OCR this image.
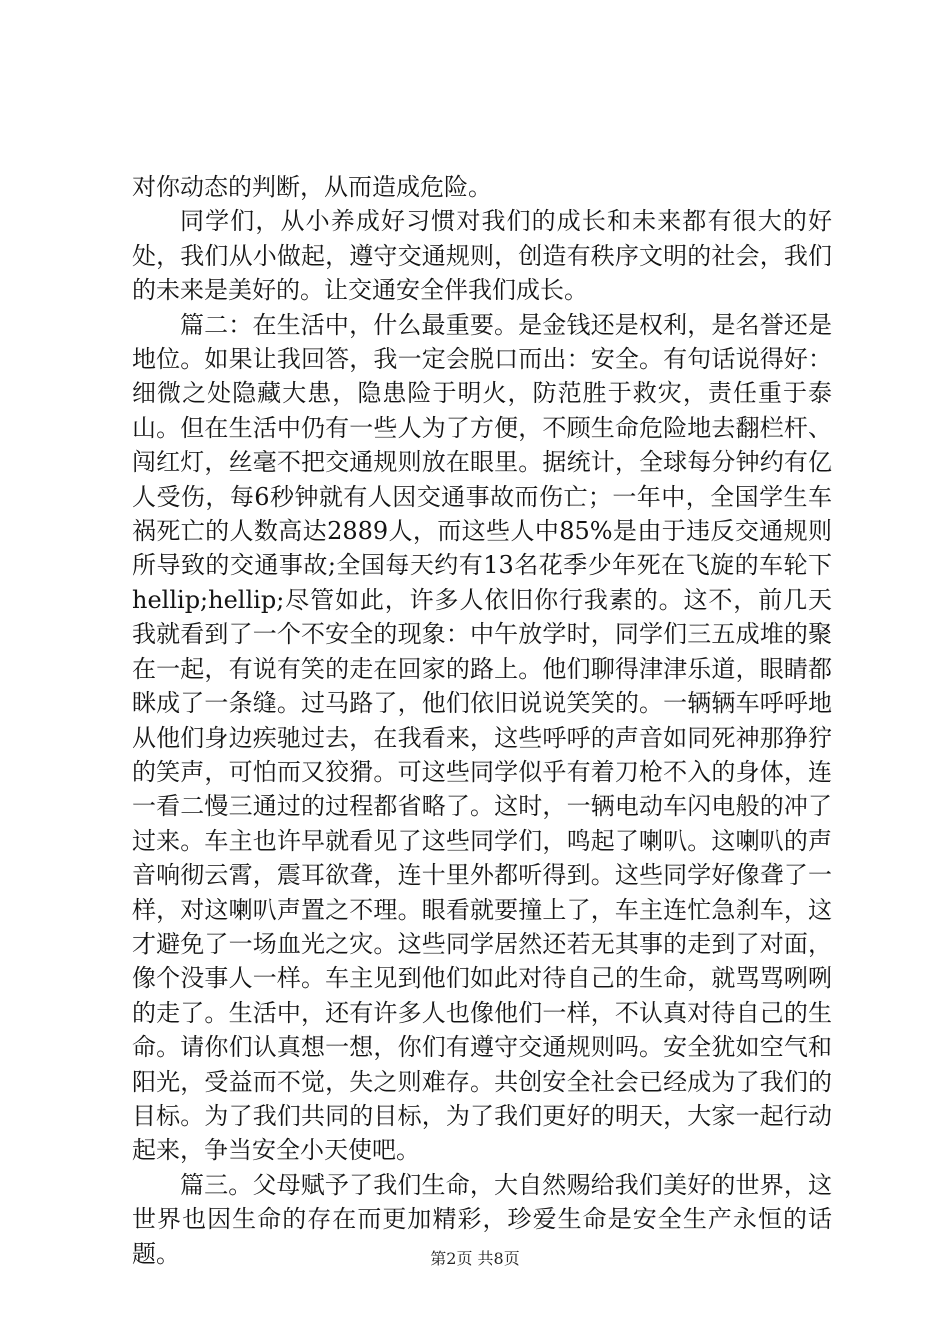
对你动态的判断，从而造成危险。

同学们，从小养成好习惯对我们的成长和未来都有很大的好处，我们从小做起，遵守交通规则，创造有秩序文明的社会，我们的未来是美好的。让交通安全伴我们成长。

篇二：在生活中，什么最重要。是金钱还是权利，是名誉还是地位。如果让我回答，我一定会脱口而出：安全。有句话说得好：细微之处隐藏大患，隐患险于明火，防范胜于救灾，责任重于泰山。但在生活中仍有一些人为了方便，不顾生命危险地去翻栏杆、闯红灯，丝毫不把交通规则放在眼里。据统计，全球每分钟约有亿人受伤，每6秒钟就有人因交通事故而伤亡；一年中，全国学生车祸死亡的人数高达2889人，而这些人中85%是由于违反交通规则所导致的交通事故;全国每天约有13名花季少年死在飞旋的车轮下hellip;hellip;尽管如此，许多人依旧你行我素的。这不，前几天我就看到了一个不安全的现象：中午放学时，同学们三五成堆的聚在一起，有说有笑的走在回家的路上。他们聊得津津乐道，眼睛都眯成了一条缝。过马路了，他们依旧说说笑笑的。一辆辆车呼呼地从他们身边疾驰过去，在我看来，这些呼呼的声音如同死神那狰狞的笑声，可怕而又狡猾。可这些同学似乎有着刀枪不入的身体，连一看二慢三通过的过程都省略了。这时，一辆电动车闪电般的冲了过来。车主也许早就看见了这些同学们，鸣起了喇叭。这喇叭的声音响彻云霄，震耳欲聋，连十里外都听得到。这些同学好像聋了一样，对这喇叭声置之不理。眼看就要撞上了，车主连忙急刹车，这才避免了一场血光之灾。这些同学居然还若无其事的走到了对面，像个没事人一样。车主见到他们如此对待自己的生命，就骂骂咧咧的走了。生活中，还有许多人也像他们一样，不认真对待自己的生命。请你们认真想一想，你们有遵守交通规则吗。安全犹如空气和阳光，受益而不觉，失之则难存。共创安全社会已经成为了我们的目标。为了我们共同的目标，为了我们更好的明天，大家一起行动起来，争当安全小天使吧。

篇三。父母赋予了我们生命，大自然赐给我们美好的世界，这世界也因生命的存在而更加精彩，珍爱生命是安全生产永恒的话题。	第2页 共8页
